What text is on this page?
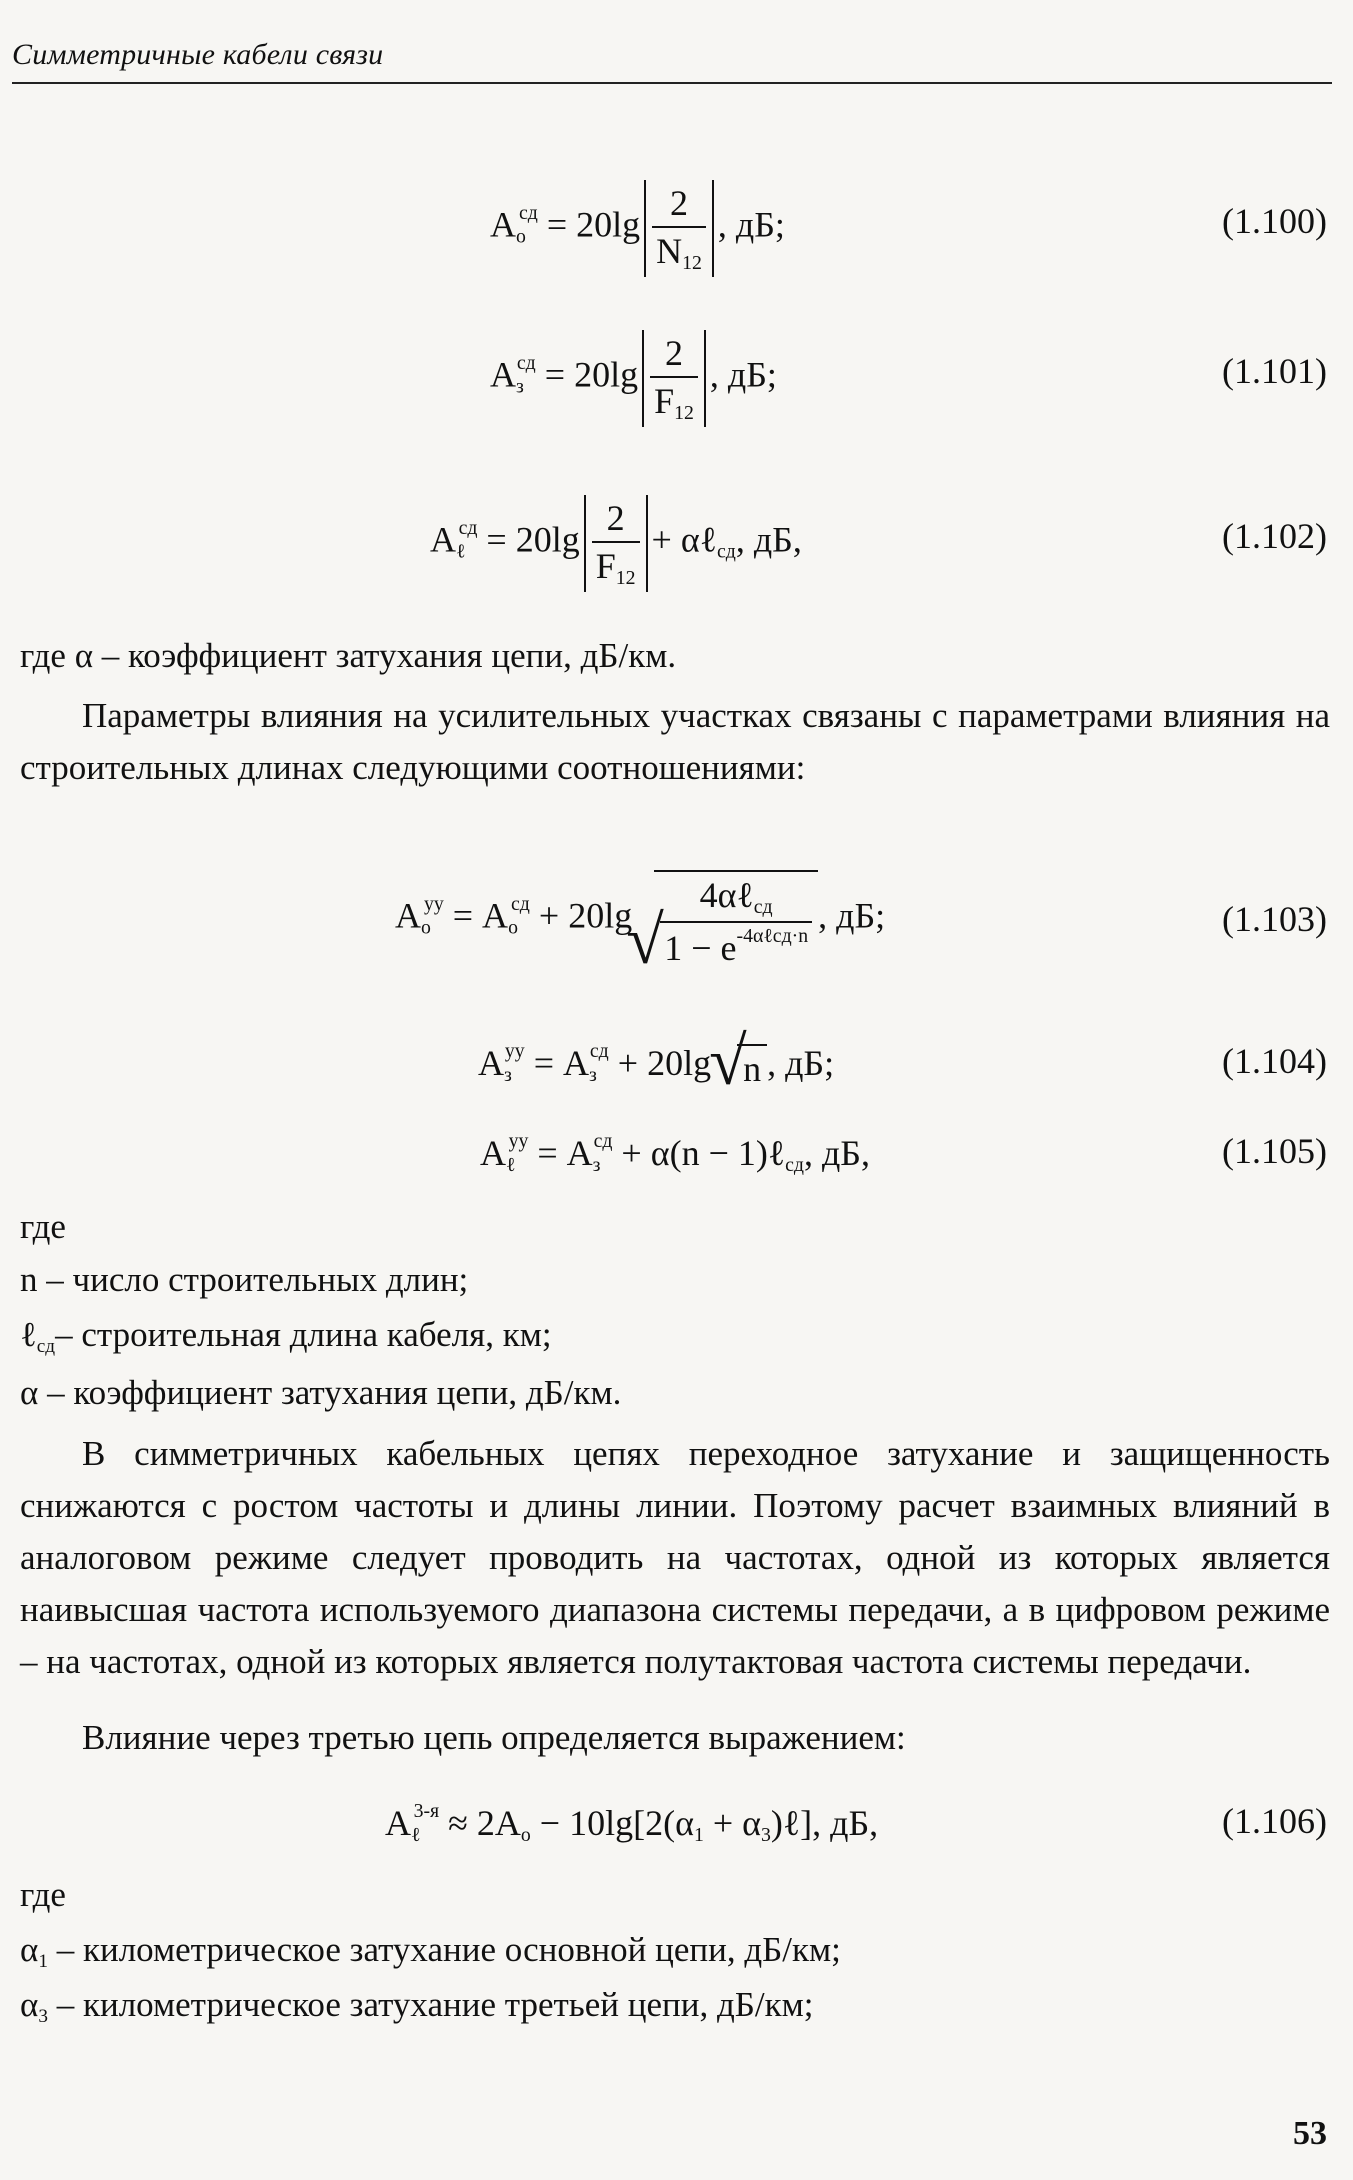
Симметричные кабели связи
$A_o^{сд} = 20\lg \frac{2}{N_{12}}$ , дБ;	(1.100)
$A_з^{сд} = 20\lg \frac{2}{F_{12}}$ , дБ;	(1.101)
$A_\ell^{сд} = 20\lg \frac{2}{F_{12}}$ + αℓ$_{сд}$, дБ,	(1.102)
где α – коэффициент затухания цепи, дБ/км.
Параметры влияния на усилительных участках связаны с параметрами влияния на строительных длинах следующими соотношениями:
$A_o^{уу} = A_o^{сд} + 20\lg$
√ $\frac{4\alpha\ell_{сд}}{1 - e^{-4\alpha\ell сд\cdot n}}$ , дБ;	(1.103)
$A_з^{уу} = A_з^{сд} + 20\lg√$ n , дБ;	(1.104)
$A_\ell^{уу} = A_з^{сд} + \alpha(n$ − 1)ℓ$_{сд}$, дБ,	(1.105)
где
n – число строительных длин;
ℓ$_{сд}$– строительная длина кабеля, км;
α – коэффициент затухания цепи, дБ/км.
В симметричных кабельных цепях переходное затухание и защищенность снижаются с ростом частоты и длины линии. Поэтому расчет взаимных влияний в аналоговом режиме следует проводить на частотах, одной из которых является наивысшая частота используемого диапазона системы передачи, а в цифровом режиме – на частотах, одной из которых является полутактовая частота системы передачи.
Влияние через третью цепь определяется выражением:
$A_\ell^{3-я} \approx 2A_o - 10\lg[2(\alpha_1$ + $\alpha_3)\ell$], дБ,	(1.106)
где
$\alpha_1$ – километрическое затухание основной цепи, дБ/км;
$\alpha_3$ – километрическое затухание третьей цепи, дБ/км;
53
